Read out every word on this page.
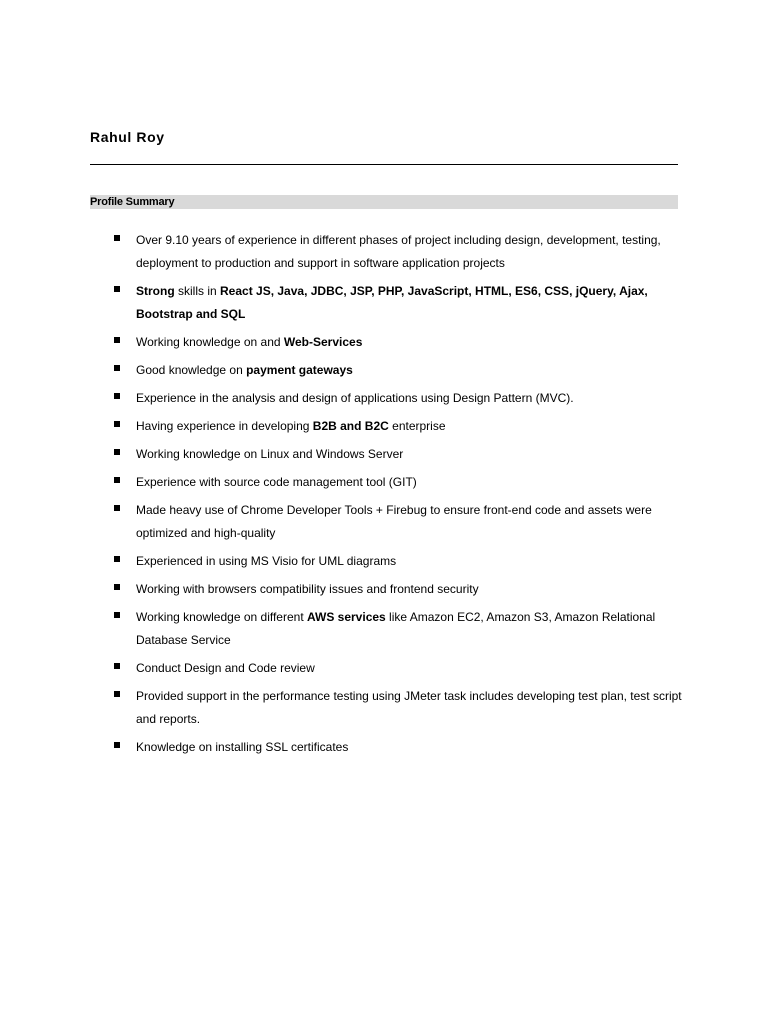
Rahul Roy
Profile Summary
Over 9.10 years of experience in different phases of project including design, development, testing, deployment to production and support in software application projects
Strong skills in React JS, Java, JDBC, JSP, PHP, JavaScript, HTML, ES6, CSS, jQuery, Ajax, Bootstrap and SQL
Working knowledge on and Web-Services
Good knowledge on payment gateways
Experience in the analysis and design of applications using Design Pattern (MVC).
Having experience in developing B2B and B2C enterprise
Working knowledge on Linux and Windows Server
Experience with source code management tool (GIT)
Made heavy use of Chrome Developer Tools + Firebug to ensure front-end code and assets were optimized and high-quality
Experienced in using MS Visio for UML diagrams
Working with browsers compatibility issues and frontend security
Working knowledge on different AWS services like Amazon EC2, Amazon S3, Amazon Relational Database Service
Conduct Design and Code review
Provided support in the performance testing using JMeter task includes developing test plan, test script and reports.
Knowledge on installing SSL certificates
